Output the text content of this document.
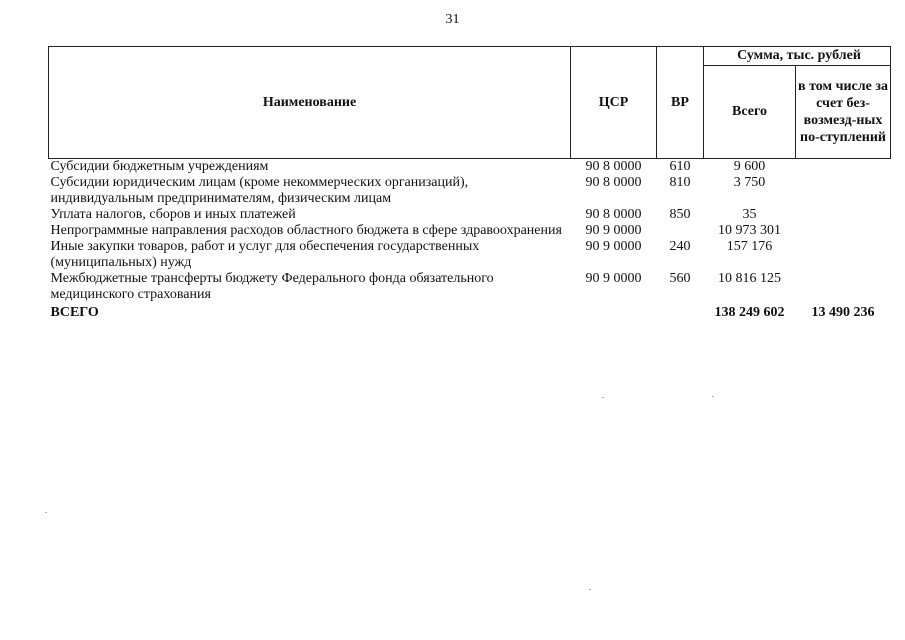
31
Наименование	ЦСР	ВР	Сумма, тыс. рублей	
			Всего	в том числе за счет без-возмезд-ных по-ступлений
Субсидии бюджетным учреждениям	90 8 0000	610	9 600	
Субсидии юридическим лицам (кроме некоммерческих организаций), индивидуальным предпринимателям, физическим лицам	90 8 0000	810	3 750	
Уплата налогов, сборов и иных платежей	90 8 0000	850	35	
Непрограммные направления расходов областного бюджета в сфере здравоохранения	90 9 0000		10 973 301	
Иные закупки товаров, работ и услуг для обеспечения государственных (муниципальных) нужд	90 9 0000	240	157 176	
Межбюджетные трансферты бюджету Федерального фонда обязательного медицинского страхования	90 9 0000	560	10 816 125	
ВСЕГО			138 249 602	13 490 236
